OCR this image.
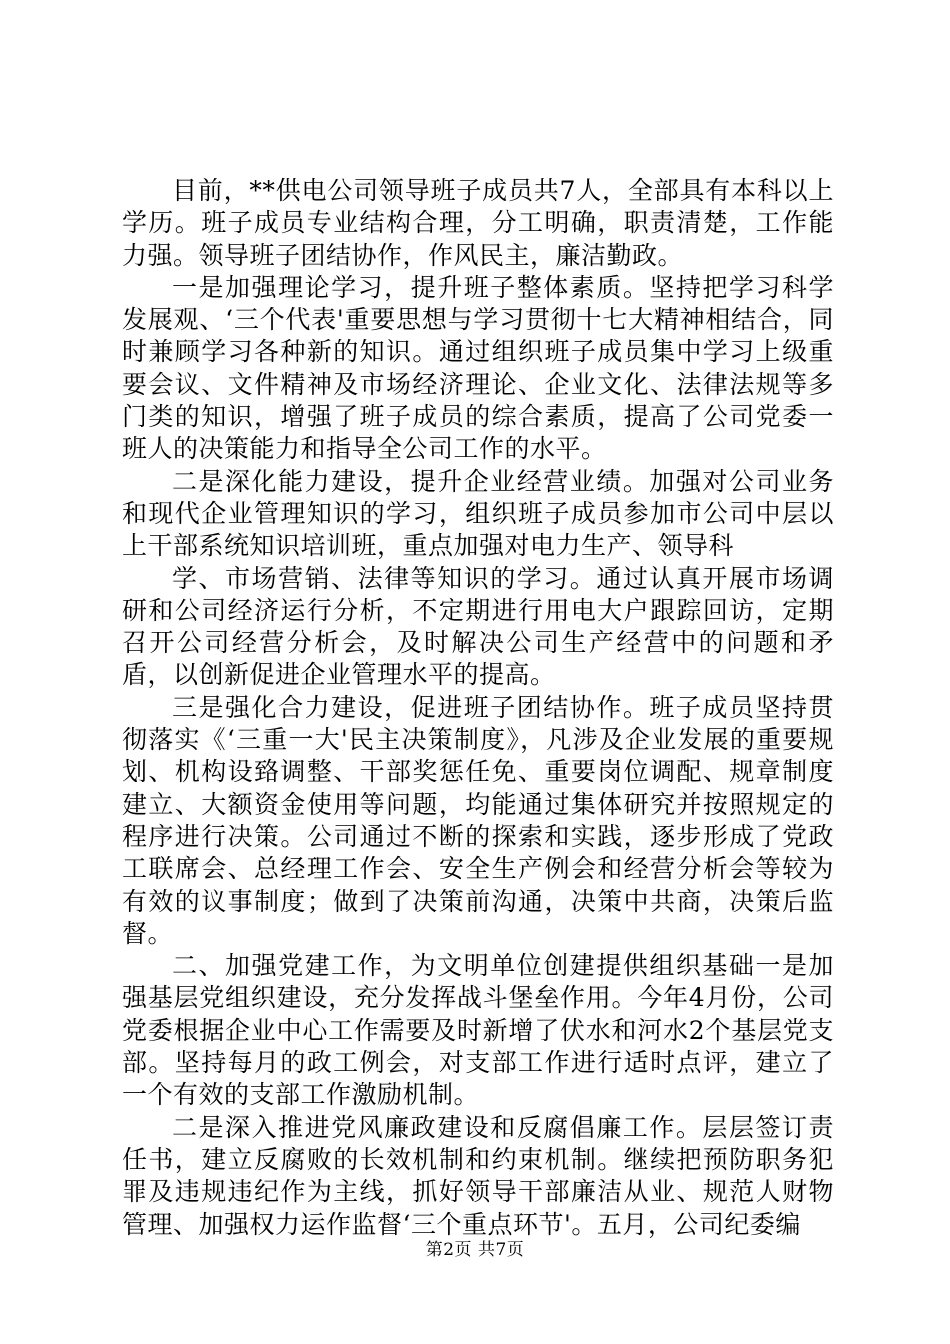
目前，**供电公司领导班子成员共7人，全部具有本科以上学历。班子成员专业结构合理，分工明确，职责清楚，工作能力强。领导班子团结协作，作风民主，廉洁勤政。

一是加强理论学习，提升班子整体素质。坚持把学习科学发展观、‘三个代表'重要思想与学习贯彻十七大精神相结合，同时兼顾学习各种新的知识。通过组织班子成员集中学习上级重要会议、文件精神及市场经济理论、企业文化、法律法规等多门类的知识，增强了班子成员的综合素质，提高了公司党委一班人的决策能力和指导全公司工作的水平。

二是深化能力建设，提升企业经营业绩。加强对公司业务和现代企业管理知识的学习，组织班子成员参加市公司中层以上干部系统知识培训班，重点加强对电力生产、领导科

学、市场营销、法律等知识的学习。通过认真开展市场调研和公司经济运行分析，不定期进行用电大户跟踪回访，定期召开公司经营分析会，及时解决公司生产经营中的问题和矛盾，以创新促进企业管理水平的提高。

三是强化合力建设，促进班子团结协作。班子成员坚持贯彻落实《‘三重一大'民主决策制度》，凡涉及企业发展的重要规划、机构设臵调整、干部奖惩任免、重要岗位调配、规章制度建立、大额资金使用等问题，均能通过集体研究并按照规定的程序进行决策。公司通过不断的探索和实践，逐步形成了党政工联席会、总经理工作会、安全生产例会和经营分析会等较为有效的议事制度；做到了决策前沟通，决策中共商，决策后监督。

二、加强党建工作，为文明单位创建提供组织基础一是加强基层党组织建设，充分发挥战斗堡垒作用。今年4月份，公司党委根据企业中心工作需要及时新增了伏水和河水2个基层党支部。坚持每月的政工例会，对支部工作进行适时点评，建立了一个有效的支部工作激励机制。

二是深入推进党风廉政建设和反腐倡廉工作。层层签订责任书，建立反腐败的长效机制和约束机制。继续把预防职务犯罪及违规违纪作为主线，抓好领导干部廉洁从业、规范人财物管理、加强权力运作监督‘三个重点环节'。五月，公司纪委编

第2页 共7页
